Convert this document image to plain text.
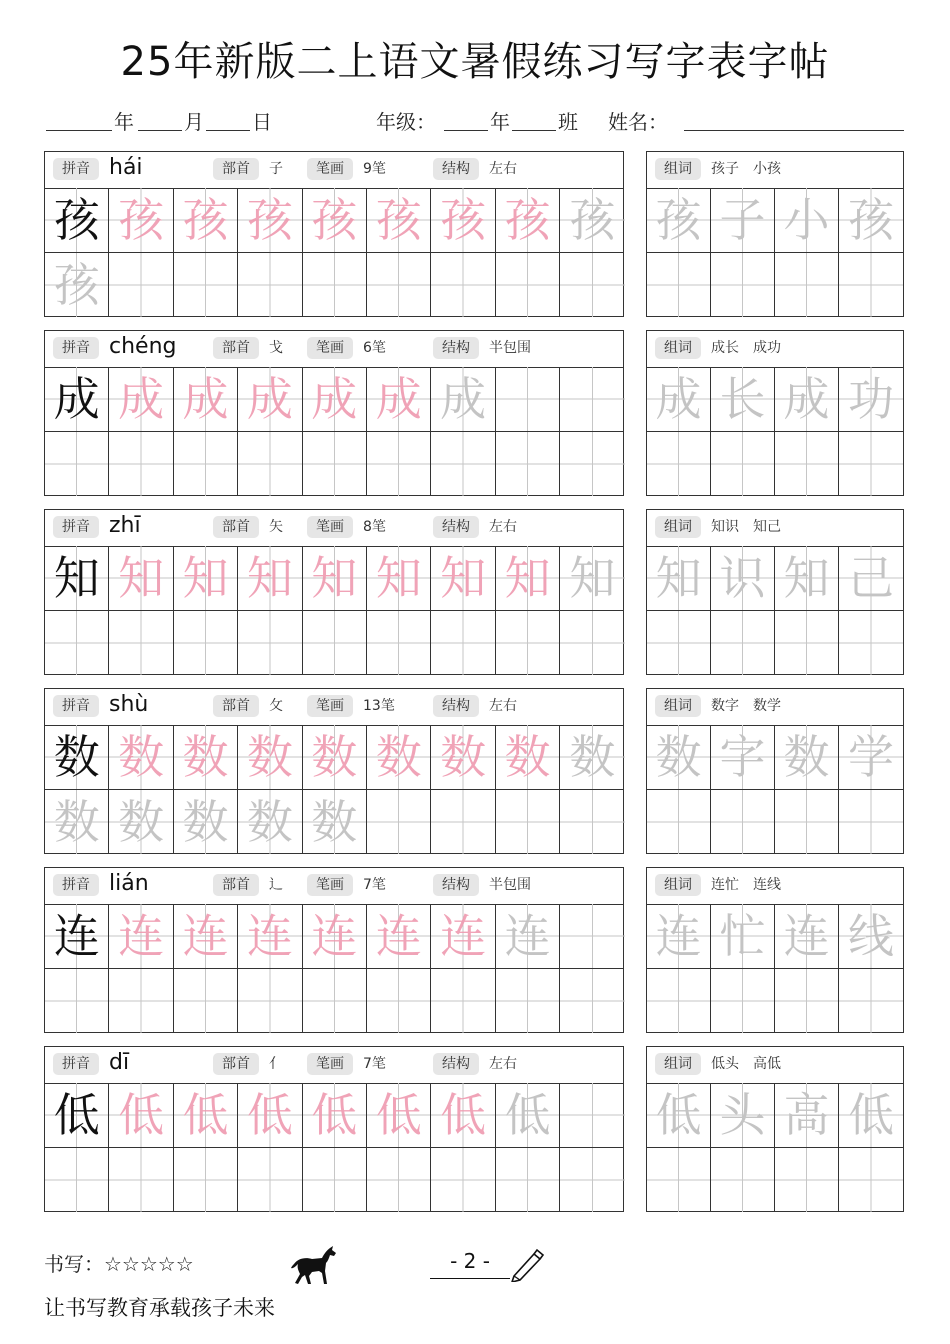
25年新版二上语文暑假练习写字表字帖
年	月 日	年级：	年 班 姓名：
拼音 hái	部首	子	笔画	9笔	结构	左右
孩 孩 孩 孩 孩 孩 孩 孩 孩
孩
组词	孩子　小孩
孩 子 小 孩
拼音 chéng	部首	戈	笔画	6笔	结构	半包围
成 成 成 成 成 成 成
组词	成长　成功
成 长 成 功
拼音 zhī	部首	矢	笔画	8笔	结构	左右
知 知 知 知 知 知 知 知 知
组词	知识　知己
知 识 知 己
拼音 shù	部首	攵	笔画	13笔	结构	左右
数 数 数 数 数 数 数 数 数
数 数 数 数 数
组词	数字　数学
数 字 数 学
拼音 lián	部首	辶	笔画	7笔	结构	半包围
连 连 连 连 连 连 连 连
组词	连忙　连线
连 忙 连 线
拼音 dī	部首	亻	笔画	7笔	结构	左右
低 低 低 低 低 低 低 低
组词	低头　高低
低 头 高 低
书写：☆☆☆☆☆	- 2 -
让书写教育承载孩子未来
